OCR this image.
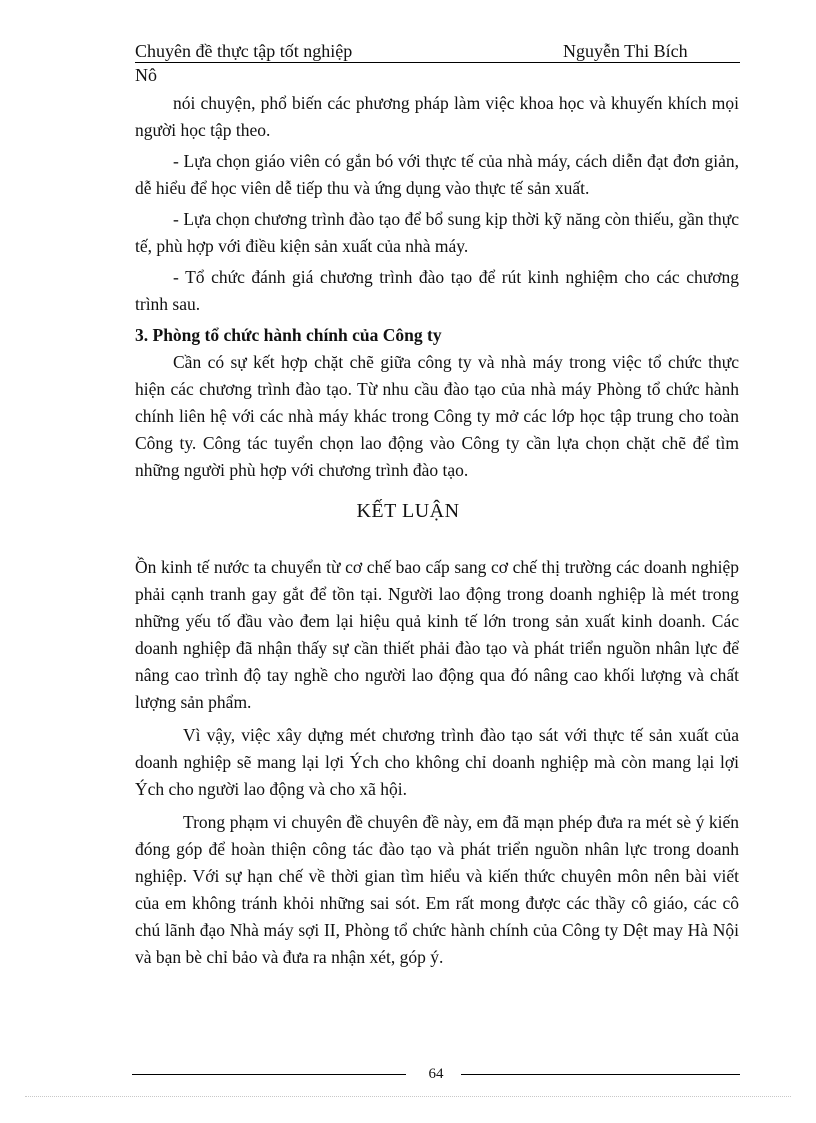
Chuyên đề thực tập tốt nghiệp	Nguyễn Thi Bích
Nô

nói chuyện, phổ biến các phương pháp làm việc khoa học và khuyến khích mọi người học tập theo.

- Lựa chọn giáo viên có gắn bó với thực tế của nhà máy, cách diễn đạt đơn giản, dễ hiểu để học viên dễ tiếp thu và ứng dụng vào thực tế sản xuất.

- Lựa chọn chương trình đào tạo để bổ sung kịp thời kỹ năng còn thiếu, gần thực tế, phù hợp với điều kiện sản xuất của nhà máy.

- Tổ chức đánh giá chương trình đào tạo để rút kinh nghiệm cho các chương trình sau.

3. Phòng tổ chức hành chính của Công ty

Cần có sự kết hợp chặt chẽ giữa công ty và nhà máy trong việc tổ chức thực hiện các chương trình đào tạo. Từ nhu cầu đào tạo của nhà máy Phòng tổ chức hành chính liên hệ với các nhà máy khác trong Công ty mở các lớp học tập trung cho toàn Công ty. Công tác tuyển chọn lao động vào Công ty cần lựa chọn chặt chẽ để tìm những người phù hợp với chương trình đào tạo.

KẾT LUẬN

Ồn kinh tế nước ta chuyển từ cơ chế bao cấp sang cơ chế thị trường các doanh nghiệp phải cạnh tranh gay gắt để tồn tại. Người lao động trong doanh nghiệp là mét trong những yếu tố đầu vào đem lại hiệu quả kinh tế lớn trong sản xuất kinh doanh. Các doanh nghiệp đã nhận thấy sự cần thiết phải đào tạo và phát triển nguồn nhân lực để nâng cao trình độ tay nghề cho người lao động qua đó nâng cao khối lượng và chất lượng sản phẩm.

Vì vậy, việc xây dựng mét chương trình đào tạo sát với thực tế sản xuất của doanh nghiệp sẽ mang lại lợi Ých cho không chỉ doanh nghiệp mà còn mang lại lợi Ých cho người lao động và cho xã hội.

Trong phạm vi chuyên đề chuyên đề này, em đã mạn phép đưa ra mét sè ý kiến đóng góp để hoàn thiện công tác đào tạo và phát triển nguồn nhân lực trong doanh nghiệp. Với sự hạn chế về thời gian tìm hiểu và kiến thức chuyên môn nên bài viết của em không tránh khỏi những sai sót. Em rất mong được các thầy cô giáo, các cô chú lãnh đạo Nhà máy sợi II, Phòng tổ chức hành chính của Công ty Dệt may Hà Nội và bạn bè chỉ bảo và đưa ra nhận xét, góp ý.

64
